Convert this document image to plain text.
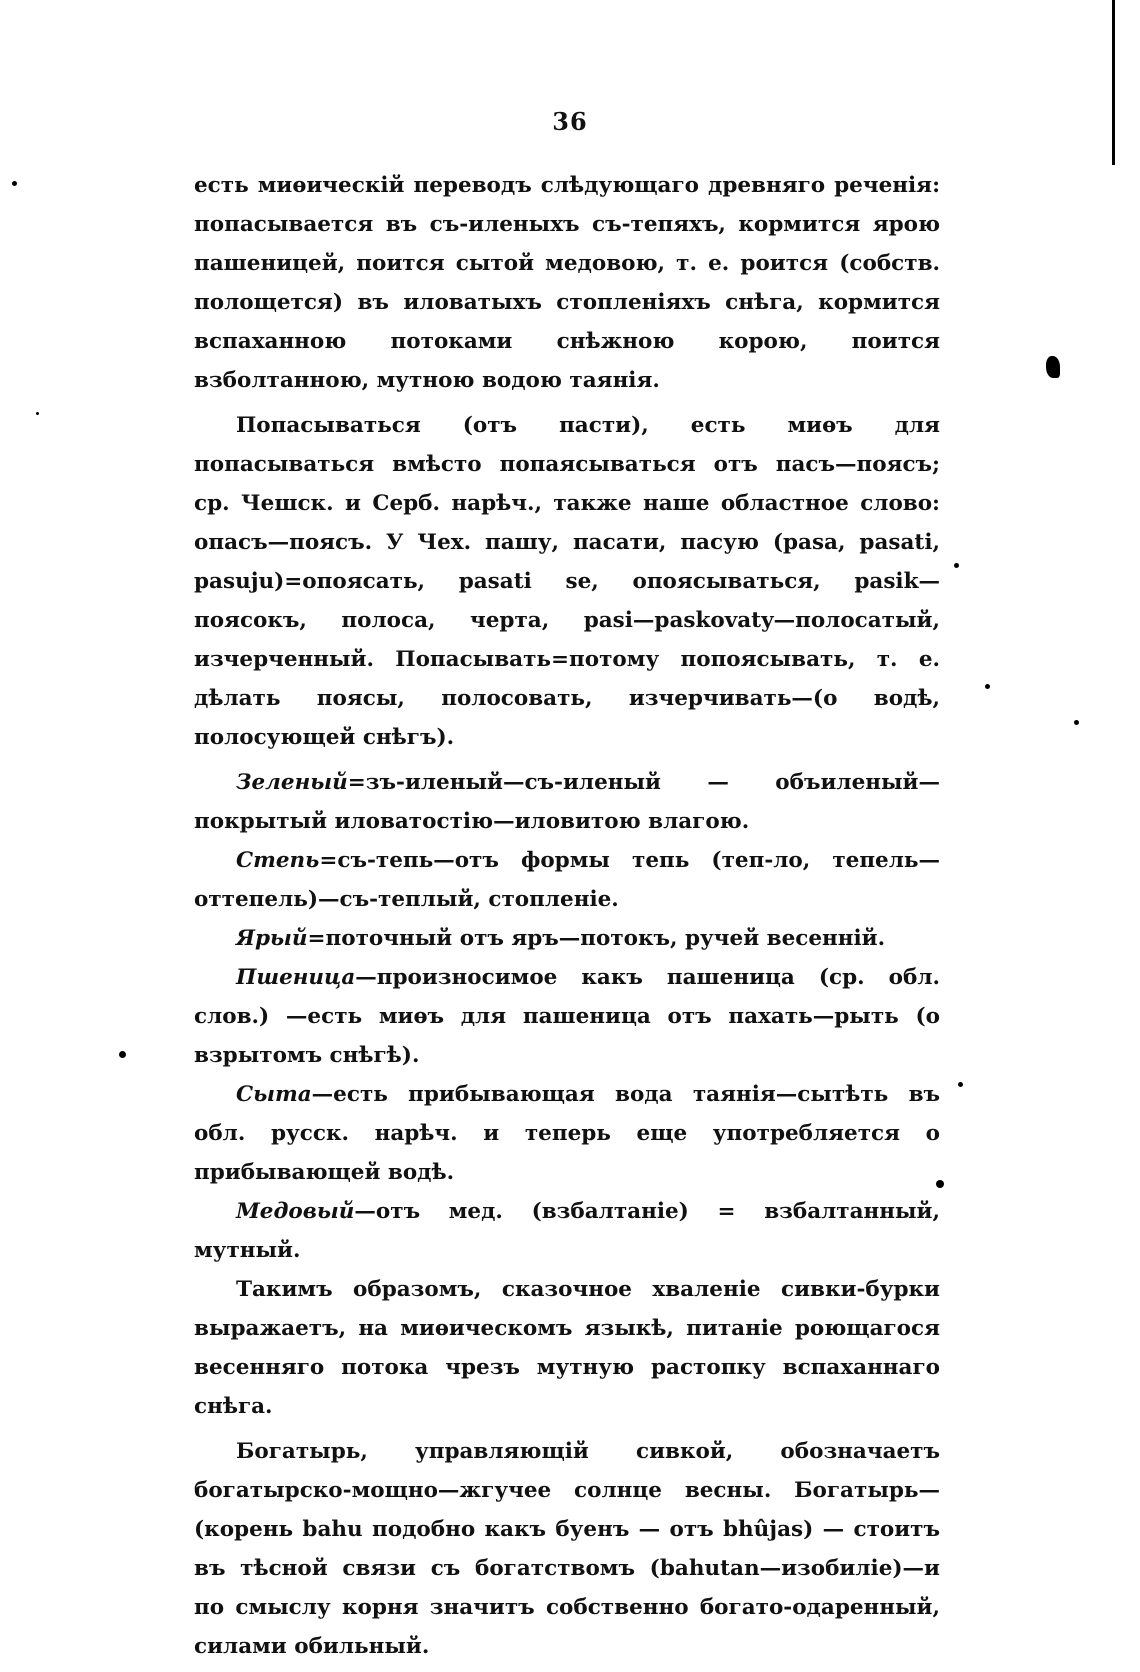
36

есть миѳическій переводъ слѣдующаго древняго реченія: попасывается въ съ-иленыхъ съ-тепяхъ, кормится ярою пашеницей, поится сытой медовою, т. е. роится (собств. полощется) въ иловатыхъ стопленіяхъ снѣга, кормится вспаханною потоками снѣжною корою, поится взболтанною, мутною водою таянія.

Попасываться (отъ пасти), есть миѳъ для попасываться вмѣсто попаясываться отъ пасъ—поясъ; ср. Чешск. и Серб. нарѣч., также наше областное слово: опасъ—поясъ. У Чех. пашу, пасати, пасую (pasa, pasati, pasuju)=опоясать, pasati se, опоясываться, pasik—поясокъ, полоса, черта, pasi—paskovaty—полосатый, изчерченный. Попасывать=потому попоясывать, т. е. дѣлать поясы, полосовать, изчерчивать—(о водѣ, полосующей снѣгъ).

Зеленый=зъ-иленый—съ-иленый — объиленый—покрытый иловатостію—иловитою влагою.

Степь=съ-тепь—отъ формы тепь (теп-ло, тепель—оттепель)—съ-теплый, стопленіе.

Ярый=поточный отъ яръ—потокъ, ручей весенній.

Пшеница—произносимое какъ пашеница (ср. обл. слов.) —есть миѳъ для пашеница отъ пахать—рыть (о взрытомъ снѣгѣ).

Сыта—есть прибывающая вода таянія—сытѣть въ обл. русск. нарѣч. и теперь еще употребляется о прибывающей водѣ.

Медовый—отъ мед. (взбалтаніе) = взбалтанный, мутный.

Такимъ образомъ, сказочное хваленіе сивки-бурки выражаетъ, на миѳическомъ языкѣ, питаніе роющагося весенняго потока чрезъ мутную растопку вспаханнаго снѣга.

Богатырь, управляющій сивкой, обозначаетъ богатырско-мощно—жгучее солнце весны. Богатырь—(корень bahu подобно какъ буенъ — отъ bhûjas) — стоитъ въ тѣсной связи съ богатствомъ (bahutan—изобиліе)—и по смыслу корня значитъ собственно богато-одаренный, силами обильный.
